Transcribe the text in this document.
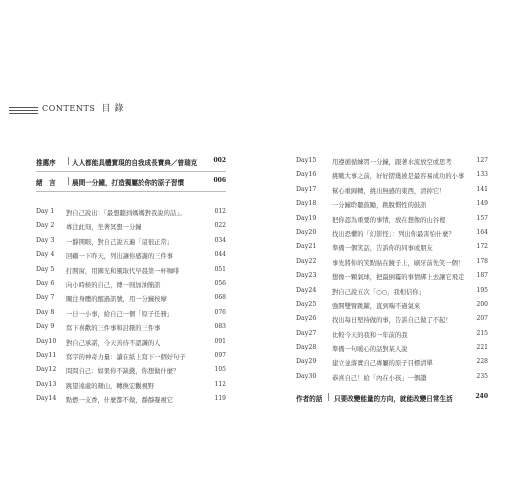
CONTENTS 目 錄
推薦序 人人都能具體實現的自我成長寶典／曾瑞克	002
緒　言 晨間一分鐘，打造獨屬於你的原子習慣	006
Day 1 對自己說出：「最想聽到媽媽對我說的話」。	012
Day 2 專注此刻，坐著冥想一分鐘	022
Day 3 一靜開眼，對自己說五遍「這很正常」	034
Day 4 回顧一下昨天，列出讓你感謝的三件事	044
Day 5 打開窗，用國光和風取代早晨第一杯咖啡	051
Day 6 向小時候的自己，傳一則加油簡訊	056
Day 7 關注身體的醒過訊號，用一分鐘按摩	068
Day 8 一日一小事，給自己一個「原子任務」	076
Day 9 寫下喜歡的三件事和討厭的三件事	083
Day10 對自己承諾，今天善待不認識的人	091
Day11 寫字的神奇力量：讀在紙上寫下一個好句子	097
Day12 問問自己：如果你不缺錢，你想做什麼？	105
Day13 跳望遠處的顏山，轉換宏觀視野	112
Day14 點燃一支香，什麼都不做，靜靜凝視它	119
Day15 用遵循循練習一分鐘，跟著水流放空或思考	127
Day16 挑戰大事之前，好好摺幾被是最容易成功的小事 133
Day17 幫心重歸轉，挑出無感的東西，清掉它！	141
Day18 一分鐘聆聽鼓勵，跳脫慣性的鼓訊	149
Day19 把你認為重要的事情，放在想像的山谷裡	157
Day20 找出恐懼的「幻影怪」：列出你最害怕什麼？	164
Day21 準備一個笑話，告訴你的同事或朋友	172
Day22 事先將你的笑點貼在鏡子上，刷牙前先笑一個！ 178
Day23 想像一顆氣球，把最倒霉的事情綁上去讓它飛走 187
Day24 對自己說五次「○○，我相信你」	195
Day25 強開雙臂跳躍，直到喘不過氣來	200
Day26 找出每日堅持做的事，告訴自己做了不起！	207
Day27 比較今天的我和一年前的我	215
Day28 準備一句暖心的話對某人說	221
Day29 建立並落實自己專屬的原子目標清單	228
Day30 恭喜自己！給「內在小孩」一個讚	235
作者的話 只要改變能量的方向，就能改變日常生活	240
